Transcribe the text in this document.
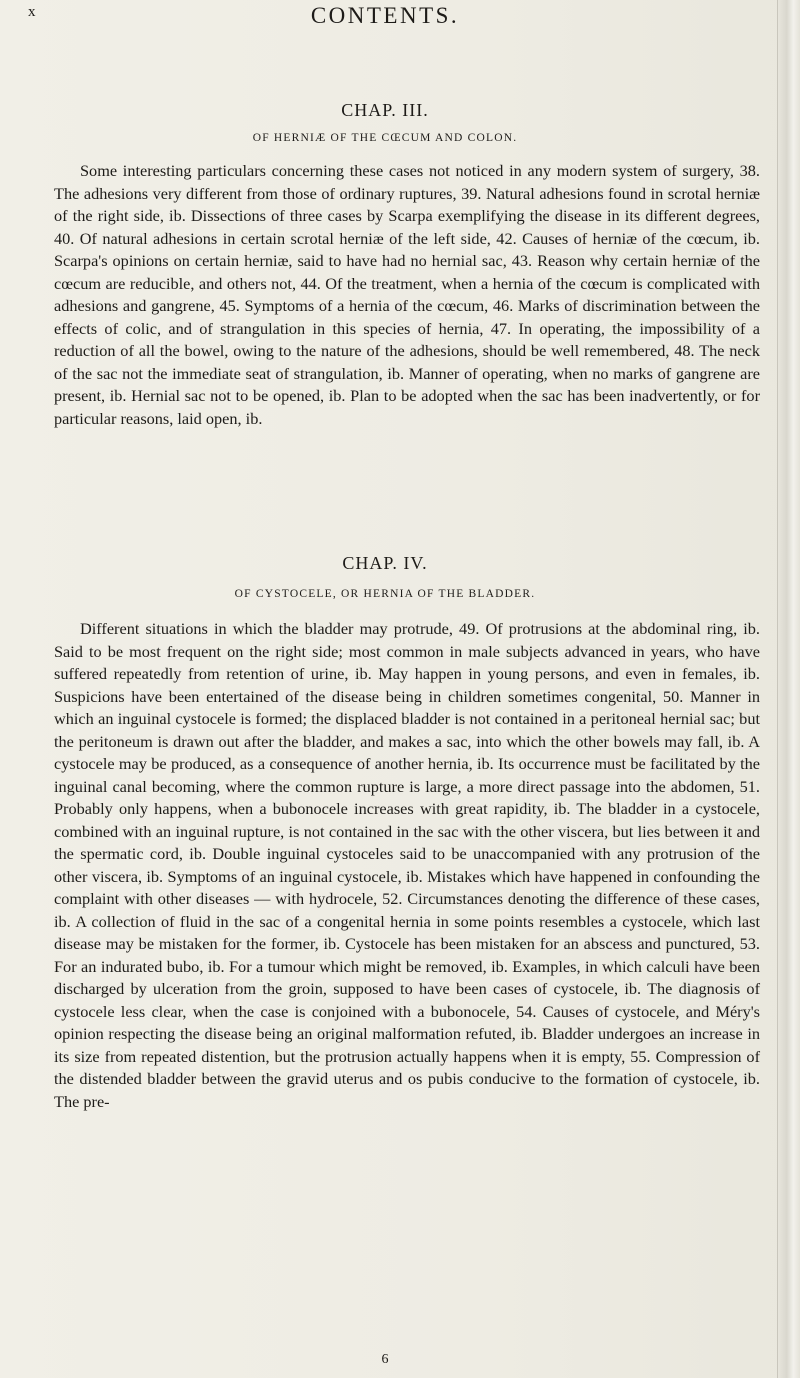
x	CONTENTS.
CHAP. III.
OF HERNIÆ OF THE CŒCUM AND COLON.

Some interesting particulars concerning these cases not noticed in any modern system of surgery, 38. The adhesions very different from those of ordinary ruptures, 39. Natural adhesions found in scrotal herniæ of the right side, ib. Dissections of three cases by Scarpa exemplifying the disease in its different degrees, 40. Of natural adhesions in certain scrotal herniæ of the left side, 42. Causes of herniæ of the cœcum, ib. Scarpa's opinions on certain herniæ, said to have had no hernial sac, 43. Reason why certain herniæ of the cœcum are reducible, and others not, 44. Of the treatment, when a hernia of the cœcum is complicated with adhesions and gangrene, 45. Symptoms of a hernia of the cœcum, 46. Marks of discrimination between the effects of colic, and of strangulation in this species of hernia, 47. In operating, the impossibility of a reduction of all the bowel, owing to the nature of the adhesions, should be well remembered, 48. The neck of the sac not the immediate seat of strangulation, ib. Manner of operating, when no marks of gangrene are present, ib. Hernial sac not to be opened, ib. Plan to be adopted when the sac has been inadvertently, or for particular reasons, laid open, ib.

CHAP. IV.
OF CYSTOCELE, OR HERNIA OF THE BLADDER.

Different situations in which the bladder may protrude, 49. Of protrusions at the abdominal ring, ib. Said to be most frequent on the right side; most common in male subjects advanced in years, who have suffered repeatedly from retention of urine, ib. May happen in young persons, and even in females, ib. Suspicions have been entertained of the disease being in children sometimes congenital, 50. Manner in which an inguinal cystocele is formed; the displaced bladder is not contained in a peritoneal hernial sac; but the peritoneum is drawn out after the bladder, and makes a sac, into which the other bowels may fall, ib. A cystocele may be produced, as a consequence of another hernia, ib. Its occurrence must be facilitated by the inguinal canal becoming, where the common rupture is large, a more direct passage into the abdomen, 51. Probably only happens, when a bubonocele increases with great rapidity, ib. The bladder in a cystocele, combined with an inguinal rupture, is not contained in the sac with the other viscera, but lies between it and the spermatic cord, ib. Double inguinal cystoceles said to be unaccompanied with any protrusion of the other viscera, ib. Symptoms of an inguinal cystocele, ib. Mistakes which have happened in confounding the complaint with other diseases — with hydrocele, 52. Circumstances denoting the difference of these cases, ib. A collection of fluid in the sac of a congenital hernia in some points resembles a cystocele, which last disease may be mistaken for the former, ib. Cystocele has been mistaken for an abscess and punctured, 53. For an indurated bubo, ib. For a tumour which might be removed, ib. Examples, in which calculi have been discharged by ulceration from the groin, supposed to have been cases of cystocele, ib. The diagnosis of cystocele less clear, when the case is conjoined with a bubonocele, 54. Causes of cystocele, and Méry's opinion respecting the disease being an original malformation refuted, ib. Bladder undergoes an increase in its size from repeated distention, but the protrusion actually happens when it is empty, 55. Compression of the distended bladder between the gravid uterus and os pubis conducive to the formation of cystocele, ib. The pre-

6
